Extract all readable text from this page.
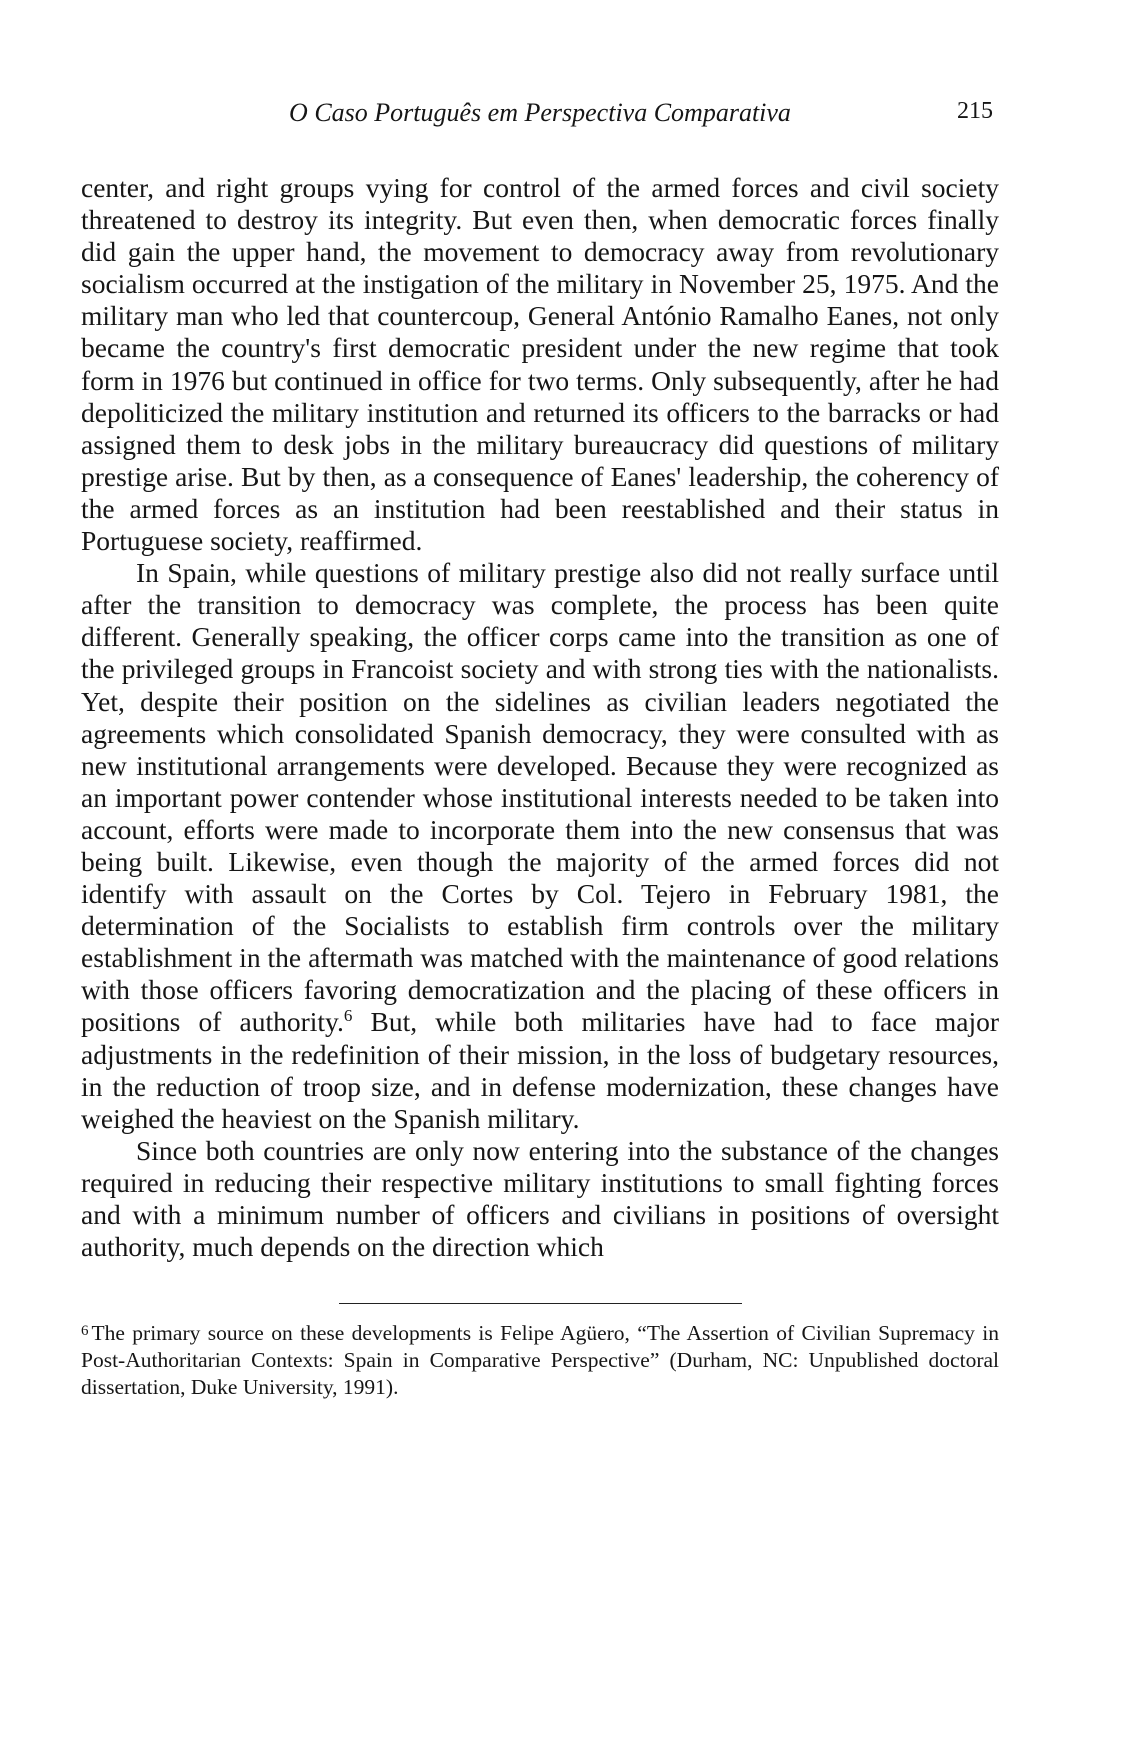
O Caso Português em Perspectiva Comparativa	215

center, and right groups vying for control of the armed forces and civil society threatened to destroy its integrity. But even then, when democratic forces finally did gain the upper hand, the movement to democracy away from revolutionary socialism occurred at the instigation of the military in November 25, 1975. And the military man who led that countercoup, General António Ramalho Eanes, not only became the country's first democratic president under the new regime that took form in 1976 but continued in office for two terms. Only subsequently, after he had depoliticized the military institution and returned its officers to the barracks or had assigned them to desk jobs in the military bureaucracy did questions of military prestige arise. But by then, as a consequence of Eanes' leadership, the coherency of the armed forces as an institution had been reestablished and their status in Portuguese society, reaffirmed.

In Spain, while questions of military prestige also did not really surface until after the transition to democracy was complete, the process has been quite different. Generally speaking, the officer corps came into the transition as one of the privileged groups in Francoist society and with strong ties with the nationalists. Yet, despite their position on the sidelines as civilian leaders negotiated the agreements which consolidated Spanish democracy, they were consulted with as new institutional arrangements were developed. Because they were recognized as an important power contender whose institutional interests needed to be taken into account, efforts were made to incorporate them into the new consensus that was being built. Likewise, even though the majority of the armed forces did not identify with assault on the Cortes by Col. Tejero in February 1981, the determination of the Socialists to establish firm controls over the military establishment in the aftermath was matched with the maintenance of good relations with those officers favoring democratization and the placing of these officers in positions of authority.$^6$ But, while both militaries have had to face major adjustments in the redefinition of their mission, in the loss of budgetary resources, in the reduction of troop size, and in defense modernization, these changes have weighed the heaviest on the Spanish military.

Since both countries are only now entering into the substance of the changes required in reducing their respective military institutions to small fighting forces and with a minimum number of officers and civilians in positions of oversight authority, much depends on the direction which

$^6$ The primary source on these developments is Felipe Agüero, “The Assertion of Civilian Supremacy in Post-Authoritarian Contexts: Spain in Comparative Perspective” (Durham, NC: Unpublished doctoral dissertation, Duke University, 1991).
